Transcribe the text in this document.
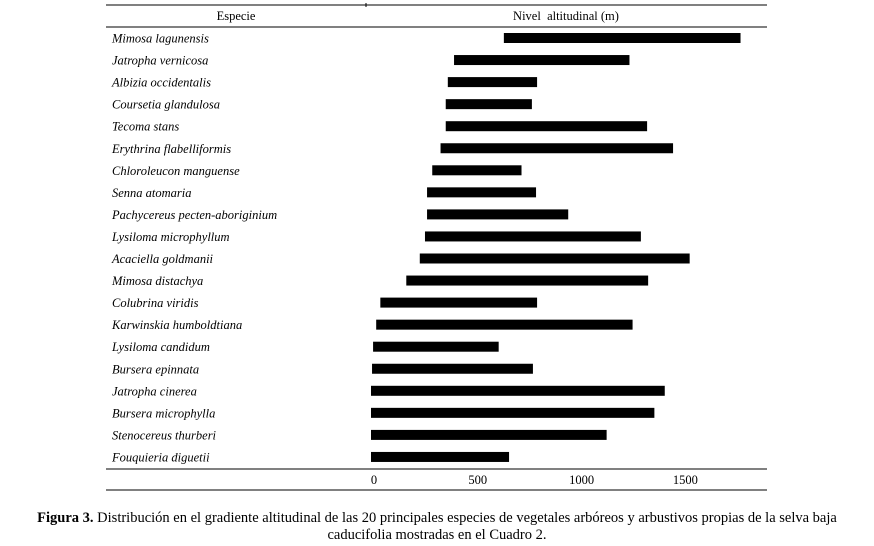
Especie	Nivel  altitudinal (m)
Mimosa lagunensis
Jatropha vernicosa
Albizia occidentalis
Coursetia glandulosa
Tecoma stans
Erythrina flabelliformis
Chloroleucon manguense
Senna atomaria
Pachycereus pecten-aboriginium
Lysiloma microphyllum
Acaciella goldmanii
Mimosa distachya
Colubrina viridis
Karwinskia humboldtiana
Lysiloma candidum
Bursera epinnata
Jatropha cinerea
Bursera microphylla
Stenocereus thurberi
Fouquieria diguetii
0	500	1000	1500
Figura 3. Distribución en el gradiente altitudinal de las 20 principales especies de vegetales arbóreos y arbustivos propias de la selva baja
caducifolia mostradas en el Cuadro 2.
